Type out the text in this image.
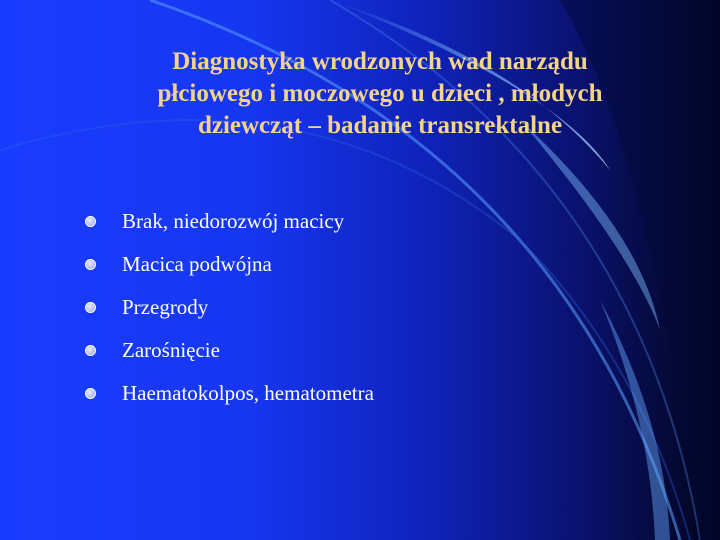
Diagnostyka wrodzonych wad narządu
płciowego i moczowego u dzieci , młodych
dziewcząt – badanie transrektalne
Brak, niedorozwój macicy
Macica podwójna
Przegrody
Zarośnięcie
Haematokolpos, hematometra
